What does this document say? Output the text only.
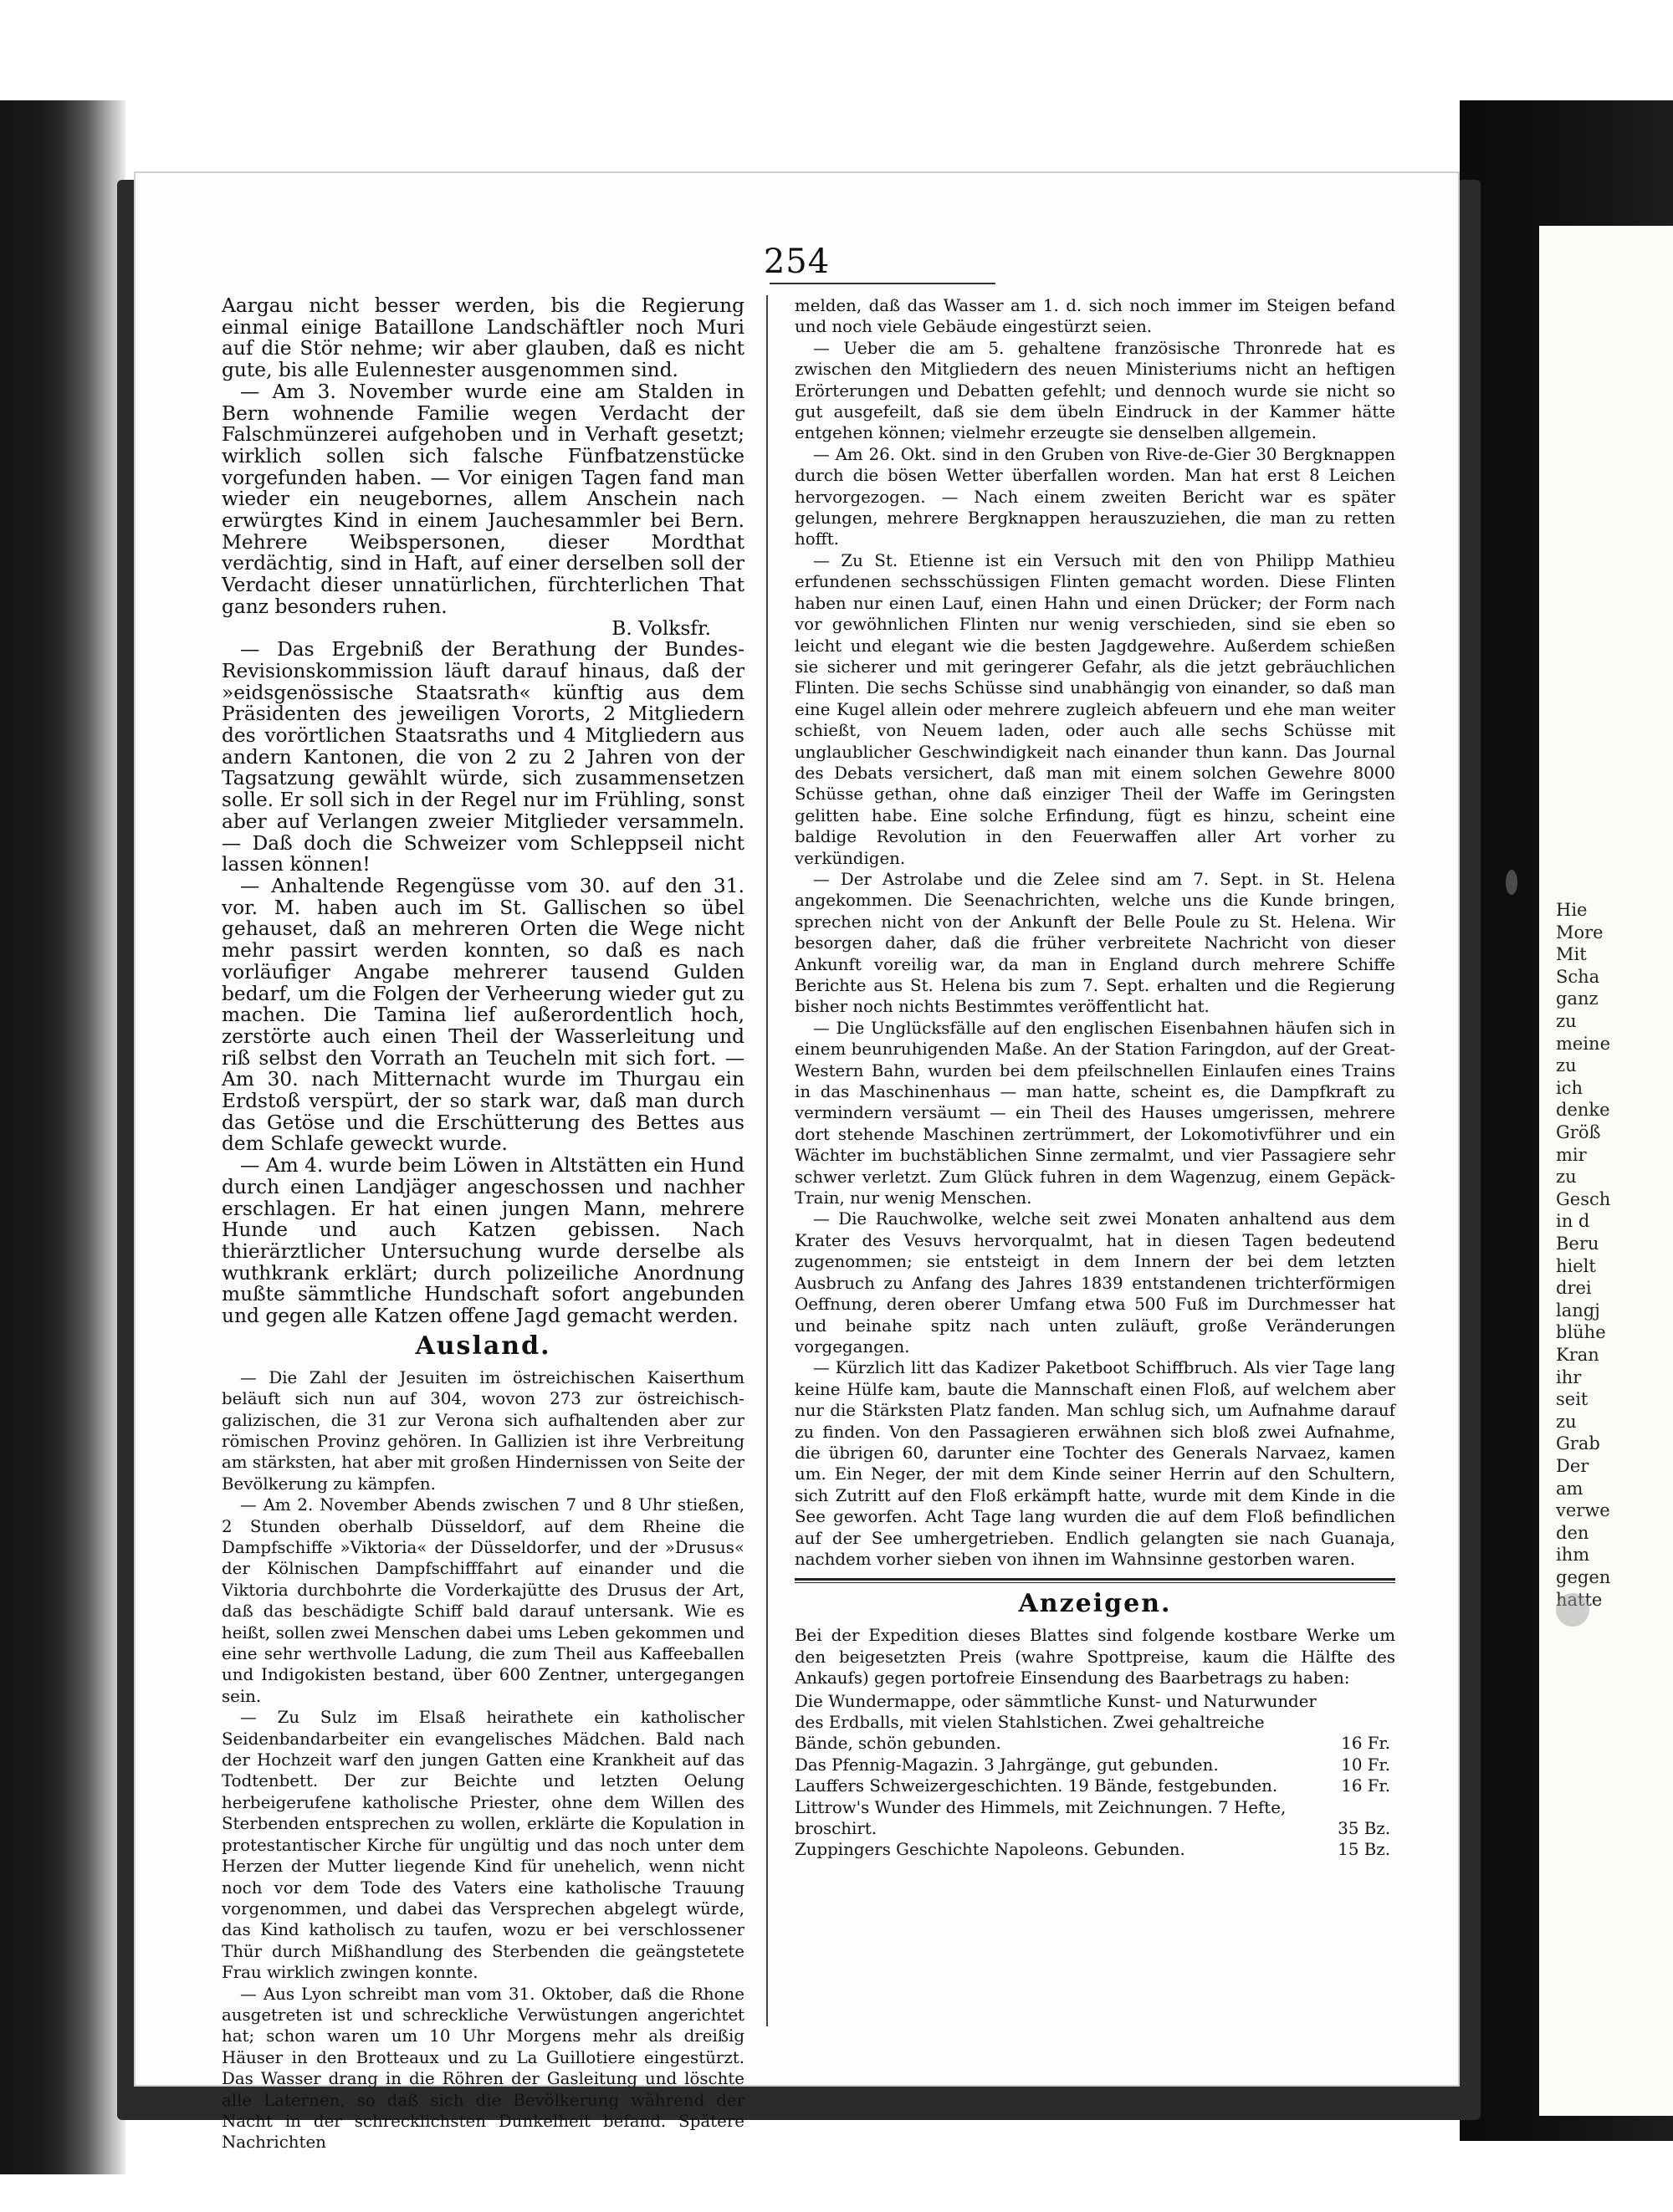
Hie
More
Mit
Scha
ganz
zu
meine
zu
ich
denke
Größ
mir
zu
Gesch
in d
Beru
hielt
drei
langj
blühe
Kran
ihr
seit
zu
Grab
Der
am
verwe
den
ihm
gegen
hatte
254

Aargau nicht besser werden, bis die Regierung einmal einige Bataillone Landschäftler noch Muri auf die Stör nehme; wir aber glauben, daß es nicht gute, bis alle Eulennester ausgenommen sind.

— Am 3. November wurde eine am Stalden in Bern wohnende Familie wegen Verdacht der Falschmünzerei aufgehoben und in Verhaft gesetzt; wirklich sollen sich falsche Fünfbatzenstücke vorgefunden haben. — Vor einigen Tagen fand man wieder ein neugebornes, allem Anschein nach erwürgtes Kind in einem Jauchesammler bei Bern. Mehrere Weibspersonen, dieser Mordthat verdächtig, sind in Haft, auf einer derselben soll der Verdacht dieser unnatürlichen, fürchterlichen That ganz besonders ruhen.
B. Volksfr.

— Das Ergebniß der Berathung der Bundes-Revisionskommission läuft darauf hinaus, daß der »eidsgenössische Staatsrath« künftig aus dem Präsidenten des jeweiligen Vororts, 2 Mitgliedern des vorörtlichen Staatsraths und 4 Mitgliedern aus andern Kantonen, die von 2 zu 2 Jahren von der Tagsatzung gewählt würde, sich zusammensetzen solle. Er soll sich in der Regel nur im Frühling, sonst aber auf Verlangen zweier Mitglieder versammeln. — Daß doch die Schweizer vom Schleppseil nicht lassen können!

— Anhaltende Regengüsse vom 30. auf den 31. vor. M. haben auch im St. Gallischen so übel gehauset, daß an mehreren Orten die Wege nicht mehr passirt werden konnten, so daß es nach vorläufiger Angabe mehrerer tausend Gulden bedarf, um die Folgen der Verheerung wieder gut zu machen. Die Tamina lief außerordentlich hoch, zerstörte auch einen Theil der Wasserleitung und riß selbst den Vorrath an Teucheln mit sich fort. — Am 30. nach Mitternacht wurde im Thurgau ein Erdstoß verspürt, der so stark war, daß man durch das Getöse und die Erschütterung des Bettes aus dem Schlafe geweckt wurde.

— Am 4. wurde beim Löwen in Altstätten ein Hund durch einen Landjäger angeschossen und nachher erschlagen. Er hat einen jungen Mann, mehrere Hunde und auch Katzen gebissen. Nach thierärztlicher Untersuchung wurde derselbe als wuthkrank erklärt; durch polizeiliche Anordnung mußte sämmtliche Hundschaft sofort angebunden und gegen alle Katzen offene Jagd gemacht werden.

Ausland.

— Die Zahl der Jesuiten im östreichischen Kaiserthum beläuft sich nun auf 304, wovon 273 zur östreichisch-galizischen, die 31 zur Verona sich aufhaltenden aber zur römischen Provinz gehören. In Gallizien ist ihre Verbreitung am stärksten, hat aber mit großen Hindernissen von Seite der Bevölkerung zu kämpfen.

— Am 2. November Abends zwischen 7 und 8 Uhr stießen, 2 Stunden oberhalb Düsseldorf, auf dem Rheine die Dampfschiffe »Viktoria« der Düsseldorfer, und der »Drusus« der Kölnischen Dampfschifffahrt auf einander und die Viktoria durchbohrte die Vorderkajütte des Drusus der Art, daß das beschädigte Schiff bald darauf untersank. Wie es heißt, sollen zwei Menschen dabei ums Leben gekommen und eine sehr werthvolle Ladung, die zum Theil aus Kaffeeballen und Indigokisten bestand, über 600 Zentner, untergegangen sein.

— Zu Sulz im Elsaß heirathete ein katholischer Seidenbandarbeiter ein evangelisches Mädchen. Bald nach der Hochzeit warf den jungen Gatten eine Krankheit auf das Todtenbett. Der zur Beichte und letzten Oelung herbeigerufene katholische Priester, ohne dem Willen des Sterbenden entsprechen zu wollen, erklärte die Kopulation in protestantischer Kirche für ungültig und das noch unter dem Herzen der Mutter liegende Kind für unehelich, wenn nicht noch vor dem Tode des Vaters eine katholische Trauung vorgenommen, und dabei das Versprechen abgelegt würde, das Kind katholisch zu taufen, wozu er bei verschlossener Thür durch Mißhandlung des Sterbenden die geängstetete Frau wirklich zwingen konnte.

— Aus Lyon schreibt man vom 31. Oktober, daß die Rhone ausgetreten ist und schreckliche Verwüstungen angerichtet hat; schon waren um 10 Uhr Morgens mehr als dreißig Häuser in den Brotteaux und zu La Guillotiere eingestürzt. Das Wasser drang in die Röhren der Gasleitung und löschte alle Laternen, so daß sich die Bevölkerung während der Nacht in der schrecklichsten Dunkelheit befand. Spätere Nachrichten

melden, daß das Wasser am 1. d. sich noch immer im Steigen befand und noch viele Gebäude eingestürzt seien.

— Ueber die am 5. gehaltene französische Thronrede hat es zwischen den Mitgliedern des neuen Ministeriums nicht an heftigen Erörterungen und Debatten gefehlt; und dennoch wurde sie nicht so gut ausgefeilt, daß sie dem übeln Eindruck in der Kammer hätte entgehen können; vielmehr erzeugte sie denselben allgemein.

— Am 26. Okt. sind in den Gruben von Rive-de-Gier 30 Bergknappen durch die bösen Wetter überfallen worden. Man hat erst 8 Leichen hervorgezogen. — Nach einem zweiten Bericht war es später gelungen, mehrere Bergknappen herauszuziehen, die man zu retten hofft.

— Zu St. Etienne ist ein Versuch mit den von Philipp Mathieu erfundenen sechsschüssigen Flinten gemacht worden. Diese Flinten haben nur einen Lauf, einen Hahn und einen Drücker; der Form nach vor gewöhnlichen Flinten nur wenig verschieden, sind sie eben so leicht und elegant wie die besten Jagdgewehre. Außerdem schießen sie sicherer und mit geringerer Gefahr, als die jetzt gebräuchlichen Flinten. Die sechs Schüsse sind unabhängig von einander, so daß man eine Kugel allein oder mehrere zugleich abfeuern und ehe man weiter schießt, von Neuem laden, oder auch alle sechs Schüsse mit unglaublicher Geschwindigkeit nach einander thun kann. Das Journal des Debats versichert, daß man mit einem solchen Gewehre 8000 Schüsse gethan, ohne daß einziger Theil der Waffe im Geringsten gelitten habe. Eine solche Erfindung, fügt es hinzu, scheint eine baldige Revolution in den Feuerwaffen aller Art vorher zu verkündigen.

— Der Astrolabe und die Zelee sind am 7. Sept. in St. Helena angekommen. Die Seenachrichten, welche uns die Kunde bringen, sprechen nicht von der Ankunft der Belle Poule zu St. Helena. Wir besorgen daher, daß die früher verbreitete Nachricht von dieser Ankunft voreilig war, da man in England durch mehrere Schiffe Berichte aus St. Helena bis zum 7. Sept. erhalten und die Regierung bisher noch nichts Bestimmtes veröffentlicht hat.

— Die Unglücksfälle auf den englischen Eisenbahnen häufen sich in einem beunruhigenden Maße. An der Station Faringdon, auf der Great-Western Bahn, wurden bei dem pfeilschnellen Einlaufen eines Trains in das Maschinenhaus — man hatte, scheint es, die Dampfkraft zu vermindern versäumt — ein Theil des Hauses umgerissen, mehrere dort stehende Maschinen zertrümmert, der Lokomotivführer und ein Wächter im buchstäblichen Sinne zermalmt, und vier Passagiere sehr schwer verletzt. Zum Glück fuhren in dem Wagenzug, einem Gepäck-Train, nur wenig Menschen.

— Die Rauchwolke, welche seit zwei Monaten anhaltend aus dem Krater des Vesuvs hervorqualmt, hat in diesen Tagen bedeutend zugenommen; sie entsteigt in dem Innern der bei dem letzten Ausbruch zu Anfang des Jahres 1839 entstandenen trichterförmigen Oeffnung, deren oberer Umfang etwa 500 Fuß im Durchmesser hat und beinahe spitz nach unten zuläuft, große Veränderungen vorgegangen.

— Kürzlich litt das Kadizer Paketboot Schiffbruch. Als vier Tage lang keine Hülfe kam, baute die Mannschaft einen Floß, auf welchem aber nur die Stärksten Platz fanden. Man schlug sich, um Aufnahme darauf zu finden. Von den Passagieren erwähnen sich bloß zwei Aufnahme, die übrigen 60, darunter eine Tochter des Generals Narvaez, kamen um. Ein Neger, der mit dem Kinde seiner Herrin auf den Schultern, sich Zutritt auf den Floß erkämpft hatte, wurde mit dem Kinde in die See geworfen. Acht Tage lang wurden die auf dem Floß befindlichen auf der See umhergetrieben. Endlich gelangten sie nach Guanaja, nachdem vorher sieben von ihnen im Wahnsinne gestorben waren.

Anzeigen.

Bei der Expedition dieses Blattes sind folgende kostbare Werke um den beigesetzten Preis (wahre Spottpreise, kaum die Hälfte des Ankaufs) gegen portofreie Einsendung des Baarbetrags zu haben:

Die Wundermappe, oder sämmtliche Kunst- und Naturwunder des Erdballs, mit vielen Stahlstichen. Zwei gehaltreiche Bände, schön gebunden.	16 Fr.
Das Pfennig-Magazin. 3 Jahrgänge, gut gebunden.	10 Fr.
Lauffers Schweizergeschichten. 19 Bände, festgebunden.	16 Fr.
Littrow's Wunder des Himmels, mit Zeichnungen. 7 Hefte, broschirt.	35 Bz.
Zuppingers Geschichte Napoleons. Gebunden.	15 Bz.
